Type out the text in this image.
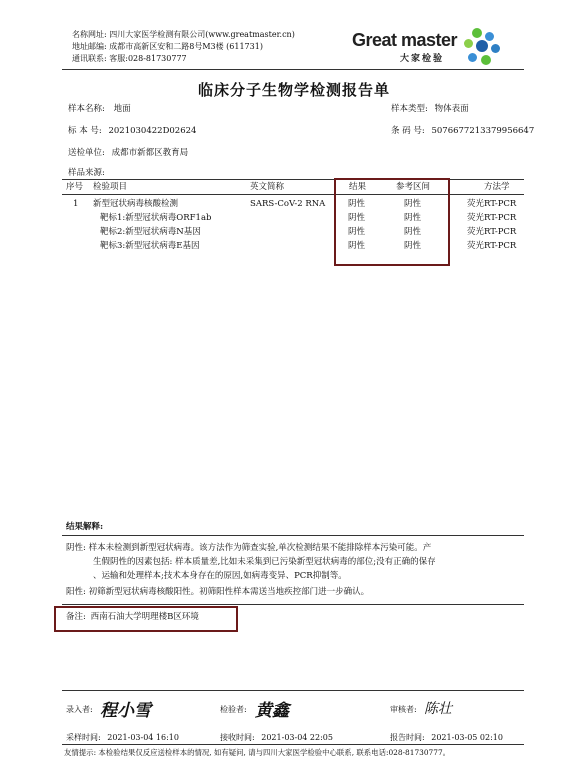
名称网址: 四川大家医学检测有限公司(www.greatmaster.cn)
地址邮编: 成都市高新区安和二路8号M3楼 (611731)
通讯联系: 客服:028-81730777
Great master
大家检验
临床分子生物学检测报告单
样本名称: 地面	样本类型: 物体表面
标 本 号: 2021030422D02624	条 码 号: 5076677213379956647
送检单位: 成都市新都区教育局
样品来源:
序号 检验项目	英文简称	结果	参考区间	方法学
1 新型冠状病毒核酸检测	SARS-CoV-2 RNA	阴性	阴性	荧光RT-PCR
靶标1:新型冠状病毒ORF1ab	阴性	阴性	荧光RT-PCR
靶标2:新型冠状病毒N基因	阴性	阴性	荧光RT-PCR
靶标3:新型冠状病毒E基因	阴性	阴性	荧光RT-PCR
结果解释:
阴性: 样本未检测到新型冠状病毒。该方法作为筛查实验,单次检测结果不能排除样本污染可能。产
生假阴性的因素包括: 样本质量差,比如未采集到已污染新型冠状病毒的部位;没有正确的保存
、运输和处理样本;技术本身存在的原因,如病毒变异、PCR抑制等。
阳性: 初筛新型冠状病毒核酸阳性。初筛阳性样本需送当地疾控部门进一步确认。
备注: 西南石油大学明理楼B区环境
录入者: 程小雪	检验者: 黄鑫	审核者: 陈壮
采样时间: 2021-03-04 16:10	接收时间: 2021-03-04 22:05	报告时间: 2021-03-05 02:10
友情提示: 本检验结果仅反应送检样本的情况, 如有疑问, 请与四川大家医学检验中心联系, 联系电话:028-81730777。
